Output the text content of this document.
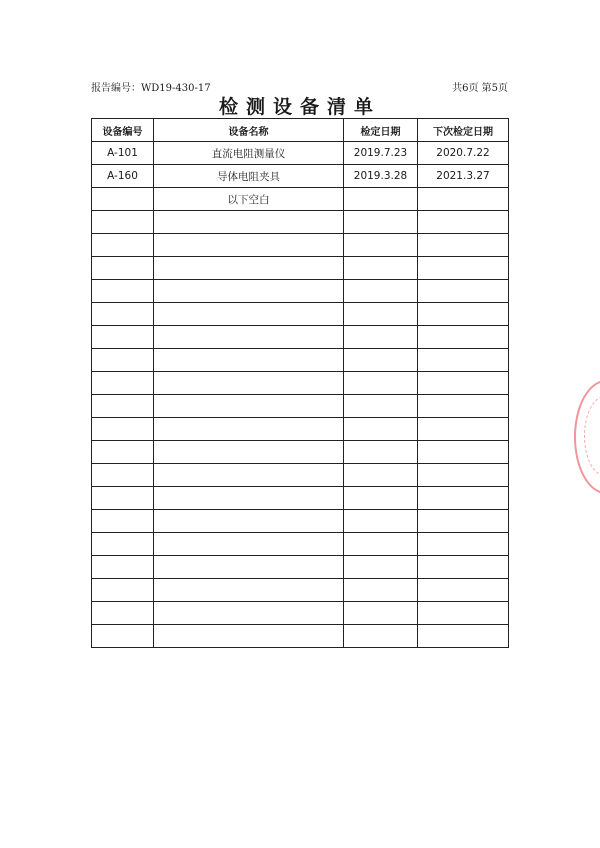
报告编号：WD19-430-17	共6页 第5页
检测设备清单
设备编号	设备名称	检定日期	下次检定日期
A-101	直流电阻测量仪	2019.7.23	2020.7.22
A-160	导体电阻夹具	2019.3.28	2021.3.27
	以下空白		
